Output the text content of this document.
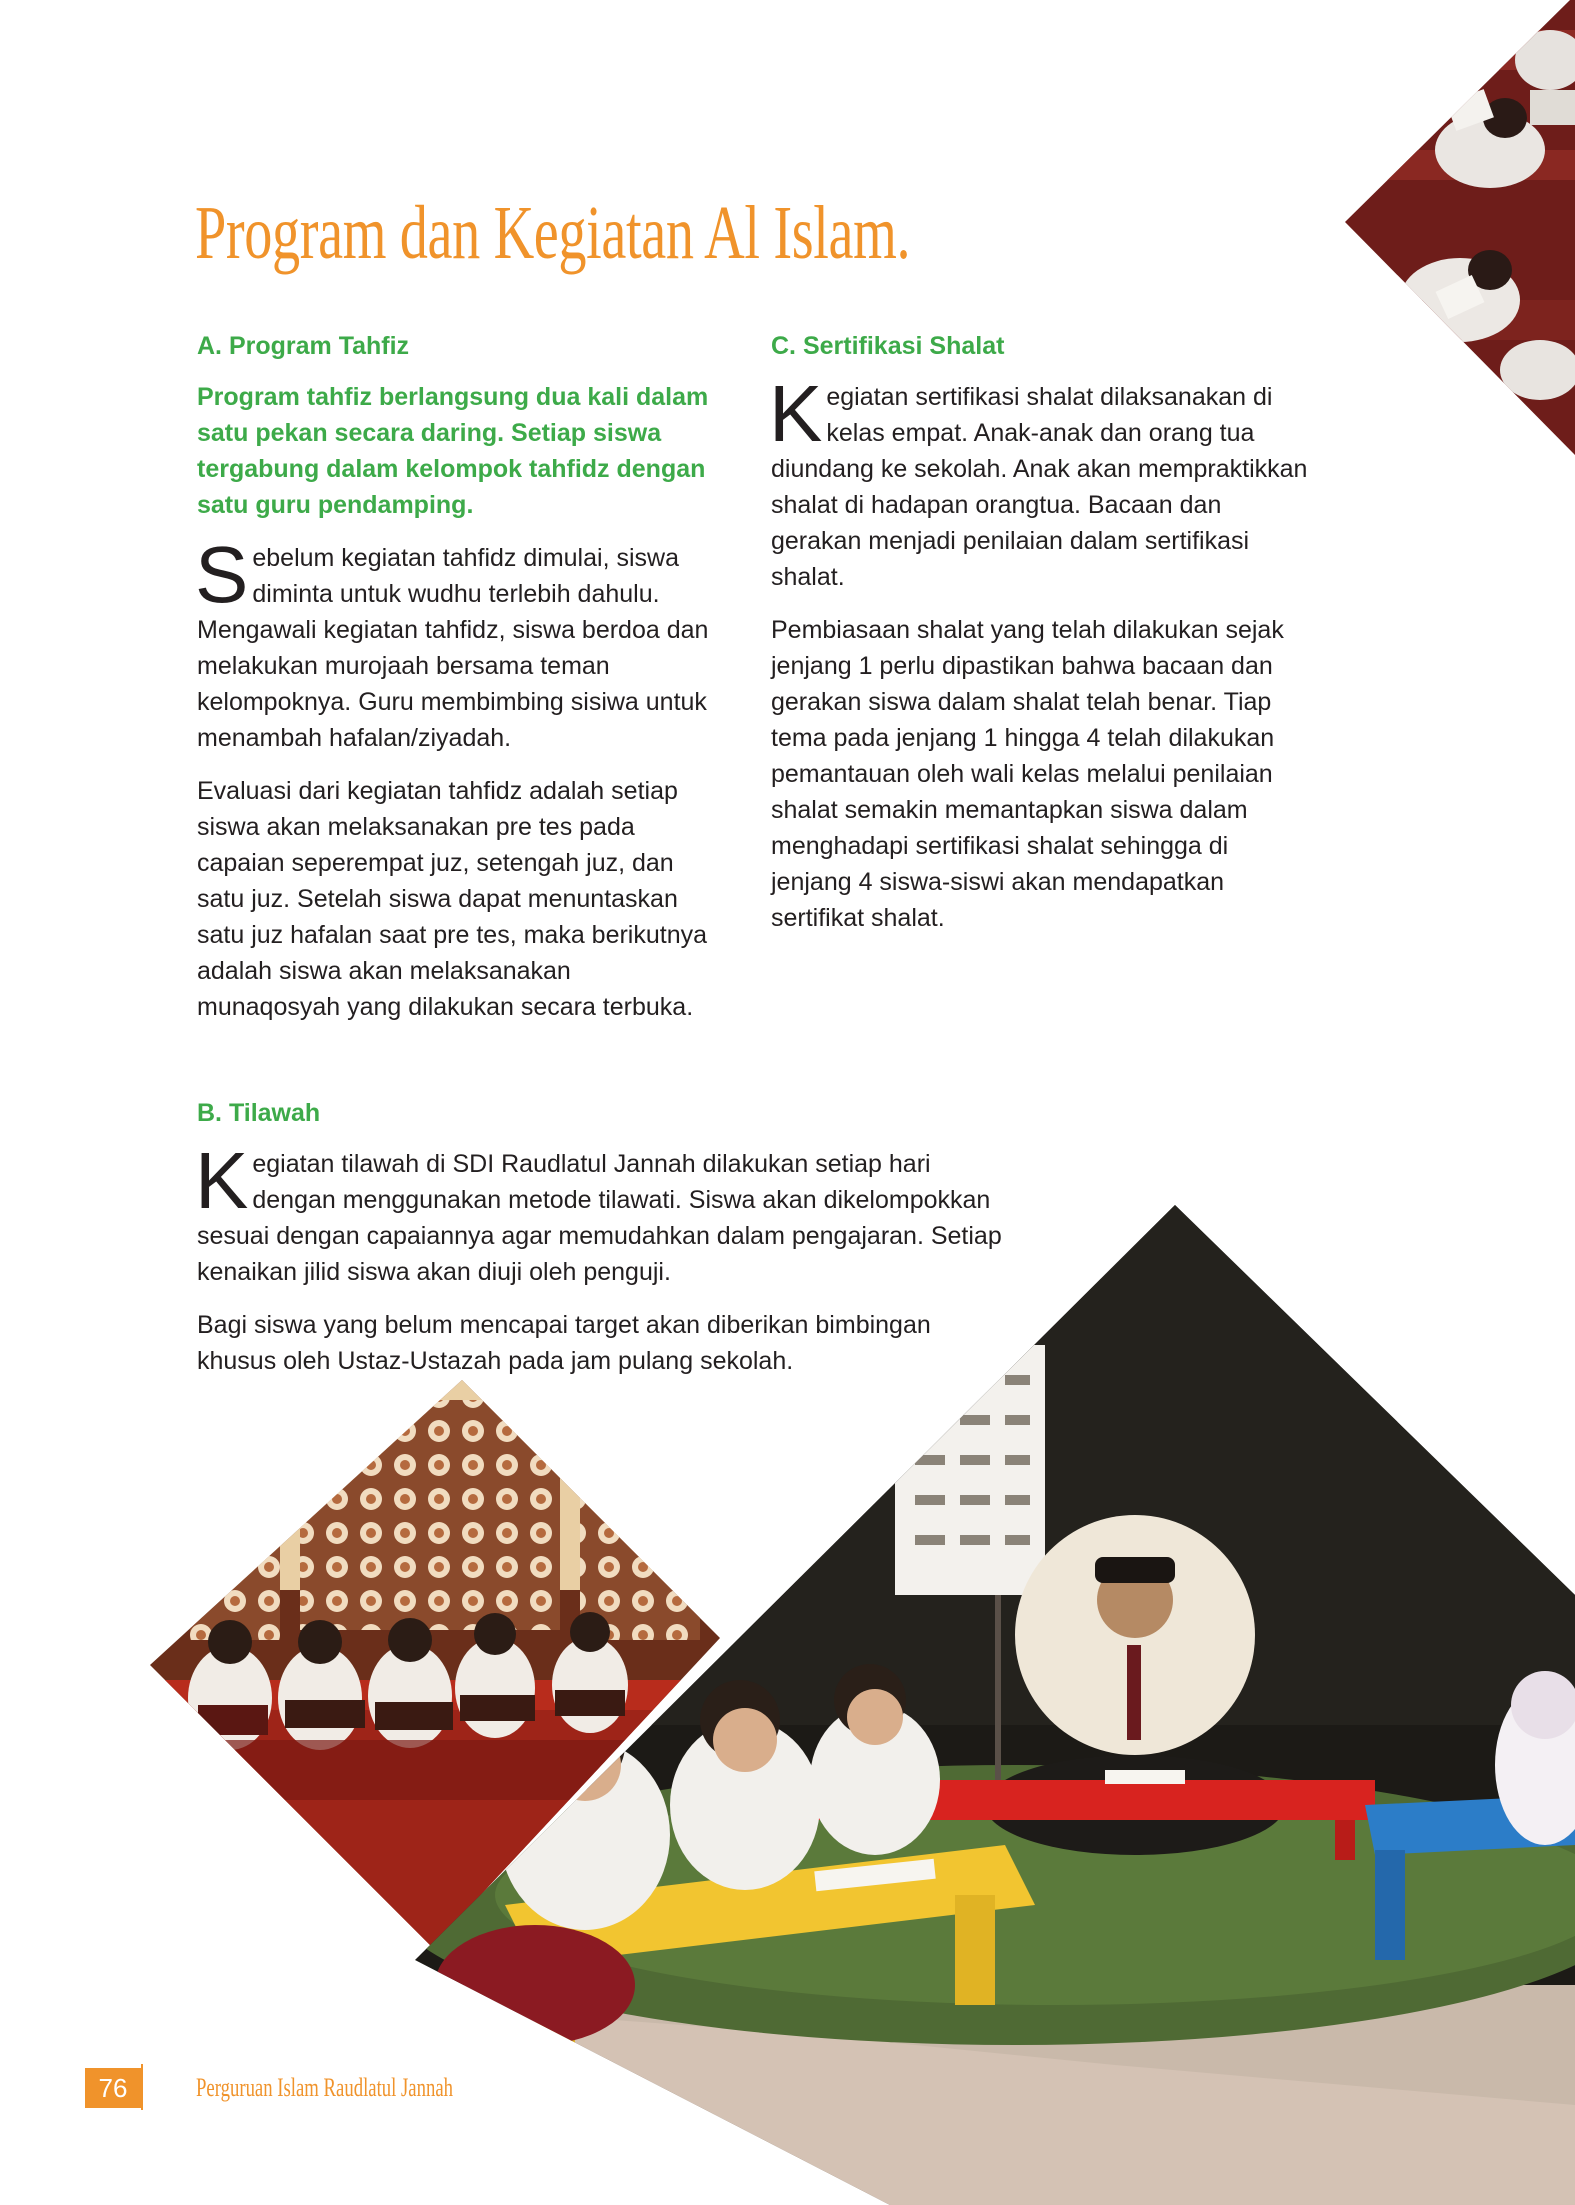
Program dan Kegiatan Al Islam.
A. Program Tahfiz

Program tahfiz berlangsung dua kali dalam satu pekan secara daring. Setiap siswa tergabung dalam kelompok tahfidz dengan satu guru pendamping.

Sebelum kegiatan tahfidz dimulai, siswa diminta untuk wudhu terlebih dahulu. Mengawali kegiatan tahfidz, siswa berdoa dan melakukan murojaah bersama teman kelompoknya. Guru membimbing sisiwa untuk menambah hafalan/ziyadah.

Evaluasi dari kegiatan tahfidz adalah setiap siswa akan melaksanakan pre tes pada capaian seperempat juz, setengah juz, dan satu juz. Setelah siswa dapat menuntaskan satu juz hafalan saat pre tes, maka berikutnya adalah siswa akan melaksanakan munaqosyah yang dilakukan secara terbuka.

C. Sertifikasi Shalat

Kegiatan sertifikasi shalat dilaksanakan di kelas empat. Anak-anak dan orang tua diundang ke sekolah. Anak akan mempraktikkan shalat di hadapan orangtua. Bacaan dan gerakan menjadi penilaian dalam sertifikasi shalat.

Pembiasaan shalat yang telah dilakukan sejak jenjang 1 perlu dipastikan bahwa bacaan dan gerakan siswa dalam shalat telah benar. Tiap tema pada jenjang 1 hingga 4 telah dilakukan pemantauan oleh wali kelas melalui penilaian shalat semakin memantapkan siswa dalam menghadapi sertifikasi shalat sehingga di jenjang 4 siswa-siswi akan mendapatkan sertifikat shalat.

B. Tilawah

Kegiatan tilawah di SDI Raudlatul Jannah dilakukan setiap hari dengan menggunakan metode tilawati. Siswa akan dikelompokkan sesuai dengan capaiannya agar memudahkan dalam pengajaran. Setiap kenaikan jilid siswa akan diuji oleh penguji.

Bagi siswa yang belum mencapai target akan diberikan bimbingan khusus oleh Ustaz-Ustazah pada jam pulang sekolah.

76	Perguruan Islam Raudlatul Jannah
